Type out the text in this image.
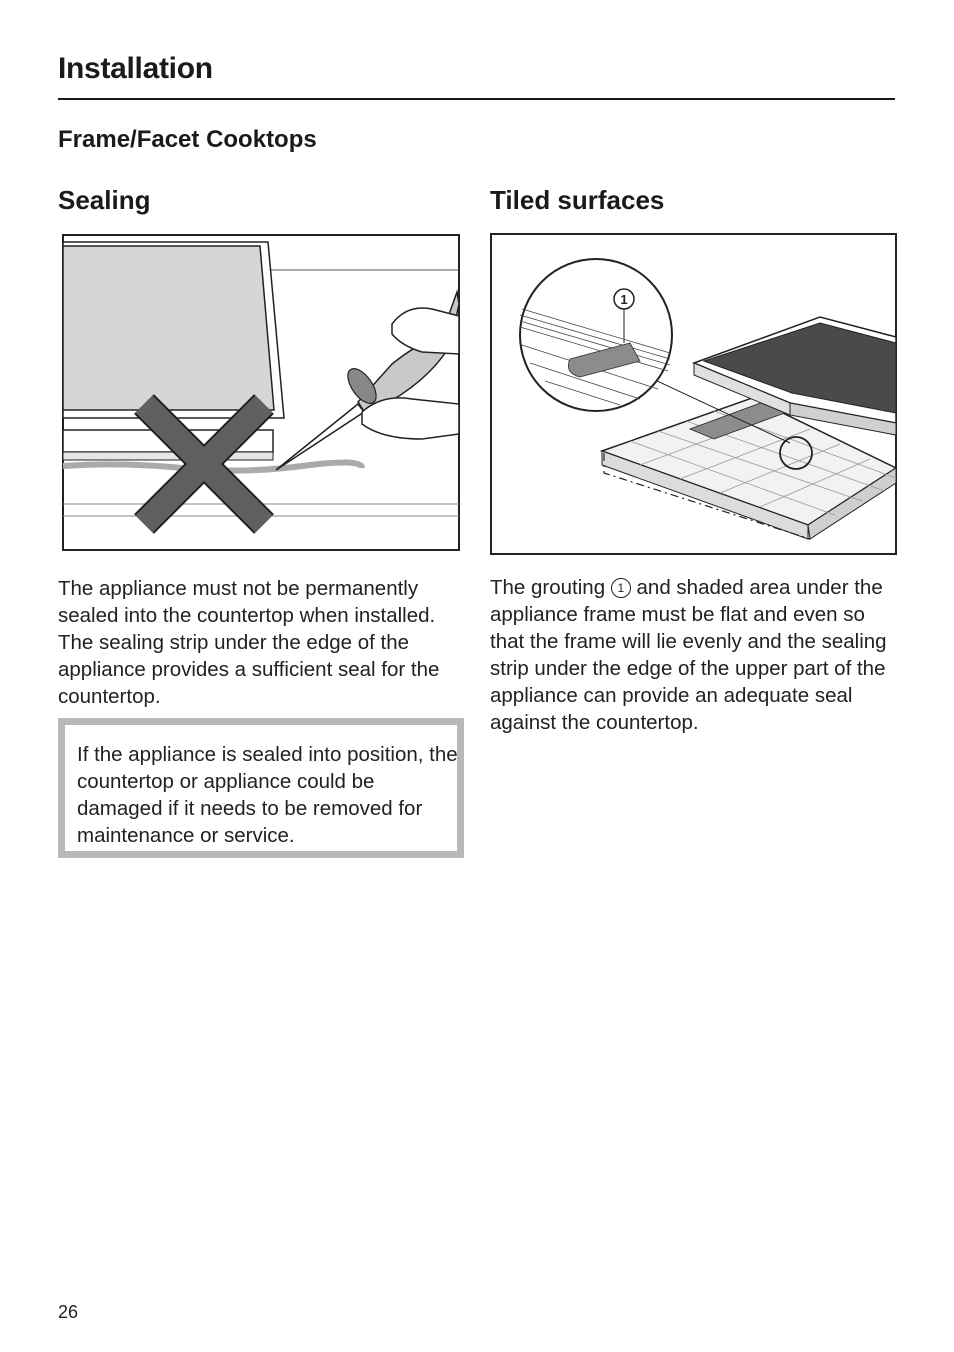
Installation
Frame/Facet Cooktops
Sealing	Tiled surfaces
1

The appliance must not be permanently sealed into the countertop when installed. The sealing strip under the edge of the appliance provides a sufficient seal for the countertop.

If the appliance is sealed into position, the countertop or appliance could be damaged if it needs to be removed for maintenance or service.

The grouting 1 and shaded area under the appliance frame must be flat and even so that the frame will lie evenly and the sealing strip under the edge of the upper part of the appliance can provide an adequate seal against the countertop.

26
